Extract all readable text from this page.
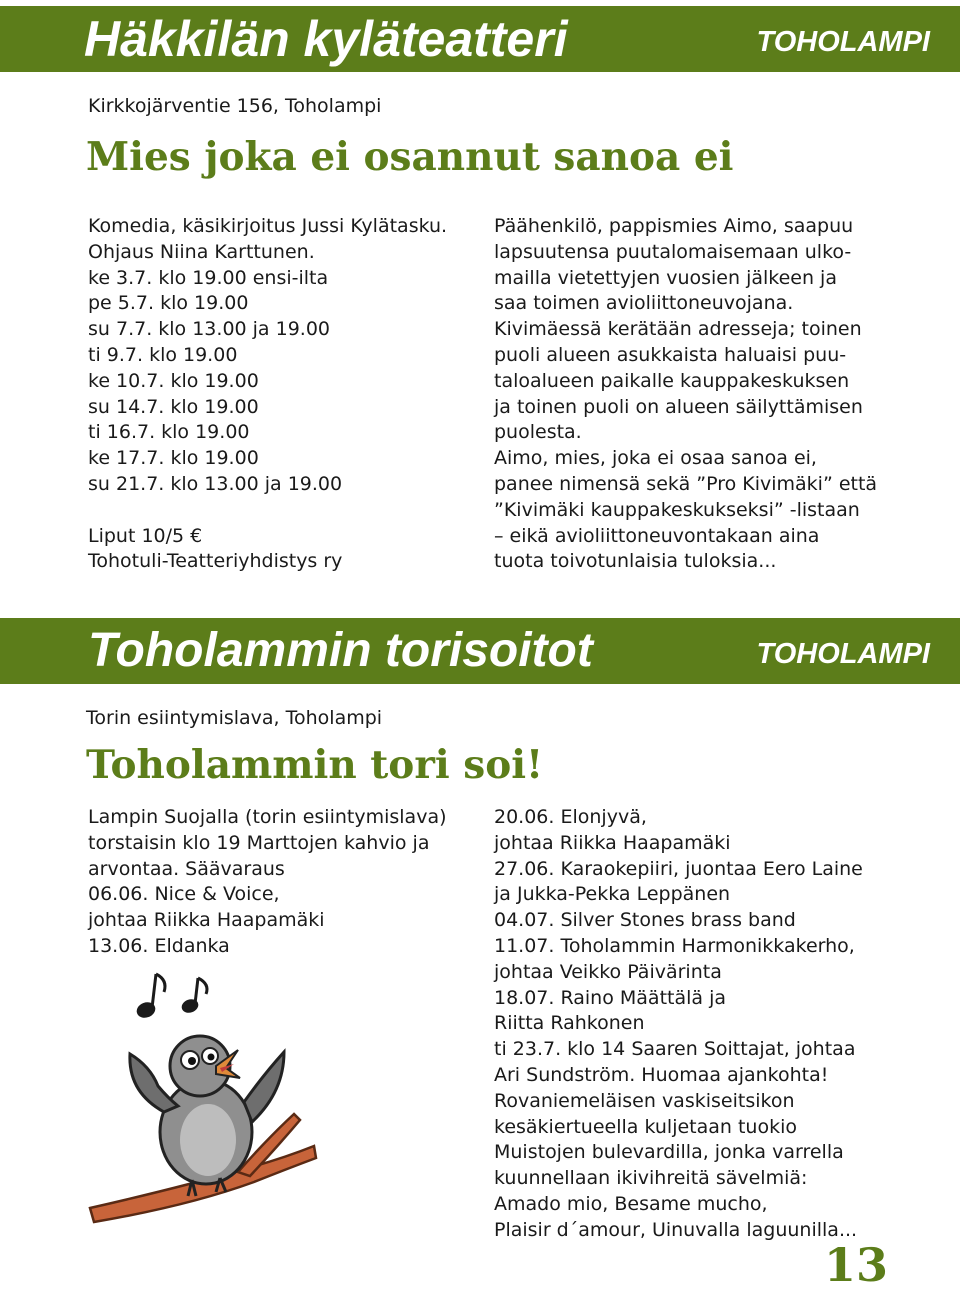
Häkkilän kyläteatteri	TOHOLAMPI
Kirkkojärventie 156, Toholampi
Mies joka ei osannut sanoa ei
Komedia, käsikirjoitus Jussi Kylätasku.
Ohjaus Niina Karttunen.
ke 3.7. klo 19.00 ensi-ilta
pe 5.7. klo 19.00
su 7.7. klo 13.00 ja 19.00
ti 9.7. klo 19.00
ke 10.7. klo 19.00
su 14.7. klo 19.00
ti 16.7. klo 19.00
ke 17.7. klo 19.00
su 21.7. klo 13.00 ja 19.00
Liput 10/5 €
Tohotuli-Teatteriyhdistys ry
Päähenkilö, pappismies Aimo, saapuu
lapsuutensa puutalomaisemaan ulko-
mailla vietettyjen vuosien jälkeen ja
saa toimen avioliittoneuvojana.
Kivimäessä kerätään adresseja; toinen
puoli alueen asukkaista haluaisi puu-
taloalueen paikalle kauppakeskuksen
ja toinen puoli on alueen säilyttämisen
puolesta.
Aimo, mies, joka ei osaa sanoa ei,
panee nimensä sekä ”Pro Kivimäki” että
”Kivimäki kauppakeskukseksi” -listaan
– eikä avioliittoneuvontakaan aina
tuota toivotunlaisia tuloksia...
Toholammin torisoitot	TOHOLAMPI
Torin esiintymislava, Toholampi
Toholammin tori soi!
Lampin Suojalla (torin esiintymislava)
torstaisin klo 19 Marttojen kahvio ja
arvontaa. Säävaraus
06.06. Nice & Voice,
johtaa Riikka Haapamäki
13.06. Eldanka
20.06. Elonjyvä,
johtaa Riikka Haapamäki
27.06. Karaokepiiri, juontaa Eero Laine
ja Jukka-Pekka Leppänen
04.07. Silver Stones brass band
11.07. Toholammin Harmonikkakerho,
johtaa Veikko Päivärinta
18.07. Raino Määttälä ja
Riitta Rahkonen
ti 23.7. klo 14 Saaren Soittajat, johtaa
Ari Sundström. Huomaa ajankohta!
Rovaniemeläisen vaskiseitsikon
kesäkiertueella kuljetaan tuokio
Muistojen bulevardilla, jonka varrella
kuunnellaan ikivihreitä sävelmiä:
Amado mio, Besame mucho,
Plaisir d´amour, Uinuvalla laguunilla...
13
